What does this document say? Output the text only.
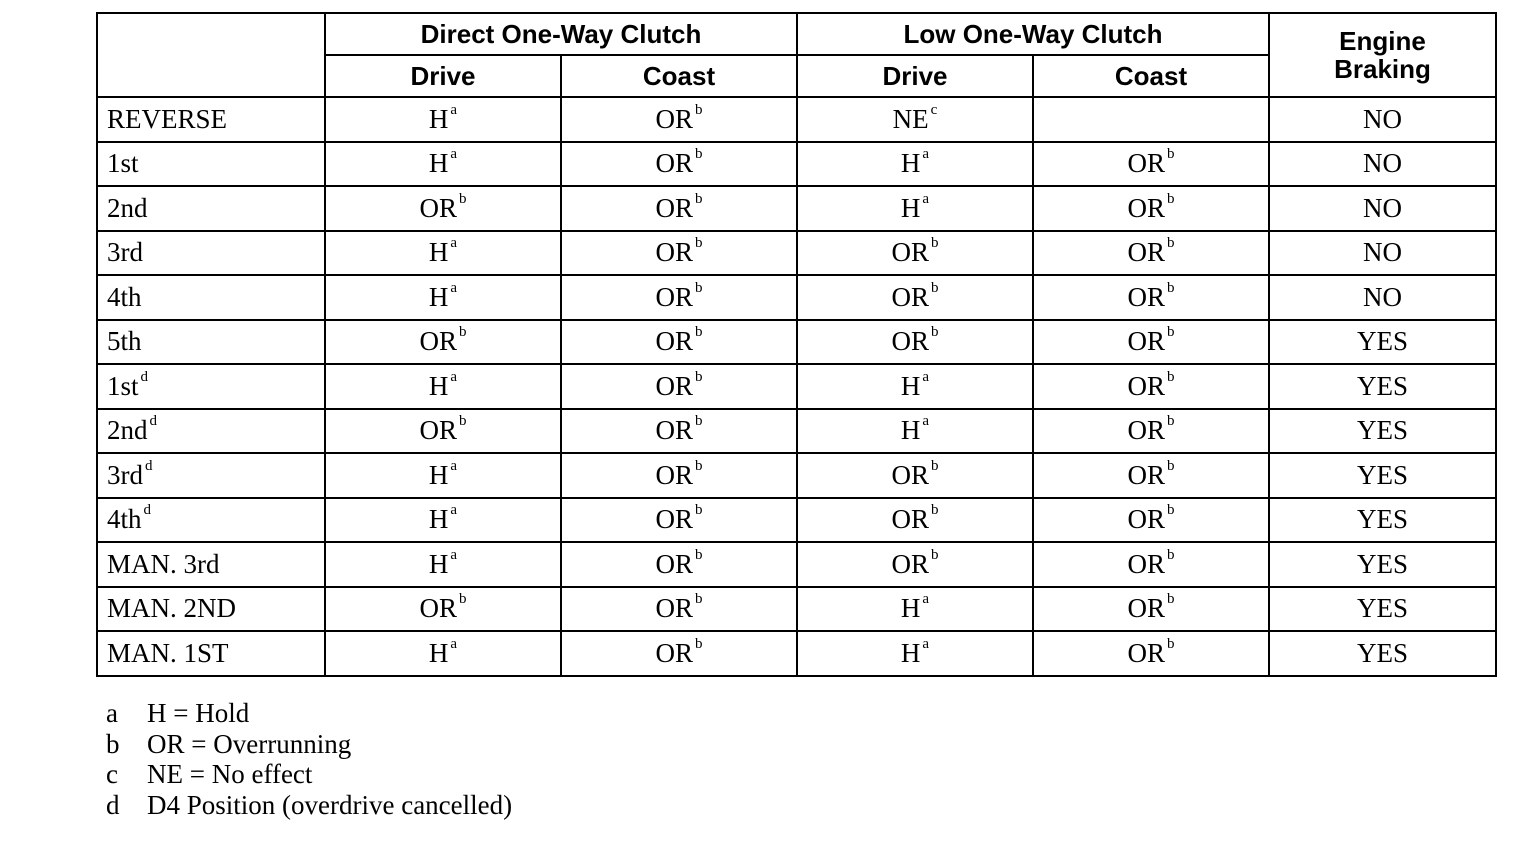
	Direct One-Way Clutch		Low One-Way Clutch		Engine
Braking
	Drive	Coast	Drive	Coast	
REVERSE	H $^a$	OR $^b$	NE $^c$		NO
1st	H $^a$	OR $^b$	H $^a$	OR $^b$	NO
2nd	OR $^b$	OR $^b$	H $^a$	OR $^b$	NO
3rd	H $^a$	OR $^b$	OR $^b$	OR $^b$	NO
4th	H $^a$	OR $^b$	OR $^b$	OR $^b$	NO
5th	OR $^b$	OR $^b$	OR $^b$	OR $^b$	YES
1st $^d$	H $^a$	OR $^b$	H $^a$	OR $^b$	YES
2nd $^d$	OR $^b$	OR $^b$	H $^a$	OR $^b$	YES
3rd $^d$	H $^a$	OR $^b$	OR $^b$	OR $^b$	YES
4th $^d$	H $^a$	OR $^b$	OR $^b$	OR $^b$	YES
MAN. 3rd	H $^a$	OR $^b$	OR $^b$	OR $^b$	YES
MAN. 2ND	OR $^b$	OR $^b$	H $^a$	OR $^b$	YES
MAN. 1ST	H $^a$	OR $^b$	H $^a$	OR $^b$	YES
a	H = Hold
b	OR = Overrunning
c	NE = No effect
d	D4 Position (overdrive cancelled)
